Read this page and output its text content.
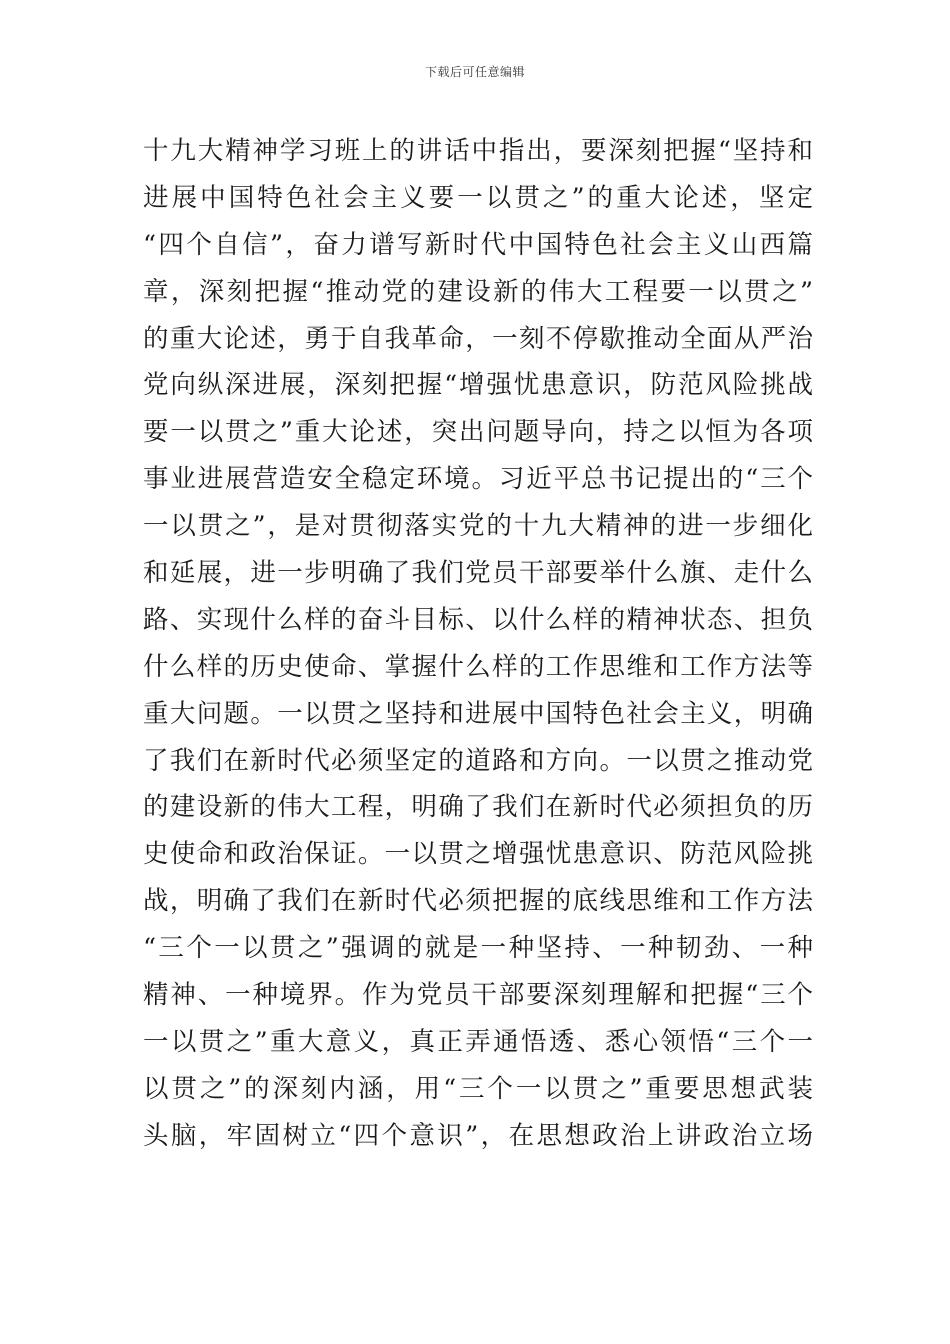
下载后可任意编辑
十九大精神学习班上的讲话中指出，要深刻把握“坚持和
进展中国特色社会主义要一以贯之”的重大论述，坚定
“四个自信”，奋力谱写新时代中国特色社会主义山西篇
章，深刻把握“推动党的建设新的伟大工程要一以贯之”
的重大论述，勇于自我革命，一刻不停歇推动全面从严治
党向纵深进展，深刻把握“增强忧患意识，防范风险挑战
要一以贯之”重大论述，突出问题导向，持之以恒为各项
事业进展营造安全稳定环境。习近平总书记提出的“三个
一以贯之”，是对贯彻落实党的十九大精神的进一步细化
和延展，进一步明确了我们党员干部要举什么旗、走什么
路、实现什么样的奋斗目标、以什么样的精神状态、担负
什么样的历史使命、掌握什么样的工作思维和工作方法等
重大问题。一以贯之坚持和进展中国特色社会主义，明确
了我们在新时代必须坚定的道路和方向。一以贯之推动党
的建设新的伟大工程，明确了我们在新时代必须担负的历
史使命和政治保证。一以贯之增强忧患意识、防范风险挑
战，明确了我们在新时代必须把握的底线思维和工作方法
“三个一以贯之”强调的就是一种坚持、一种韧劲、一种
精神、一种境界。作为党员干部要深刻理解和把握“三个
一以贯之”重大意义，真正弄通悟透、悉心领悟“三个一
以贯之”的深刻内涵，用“三个一以贯之”重要思想武装
头脑，牢固树立“四个意识”，在思想政治上讲政治立场
